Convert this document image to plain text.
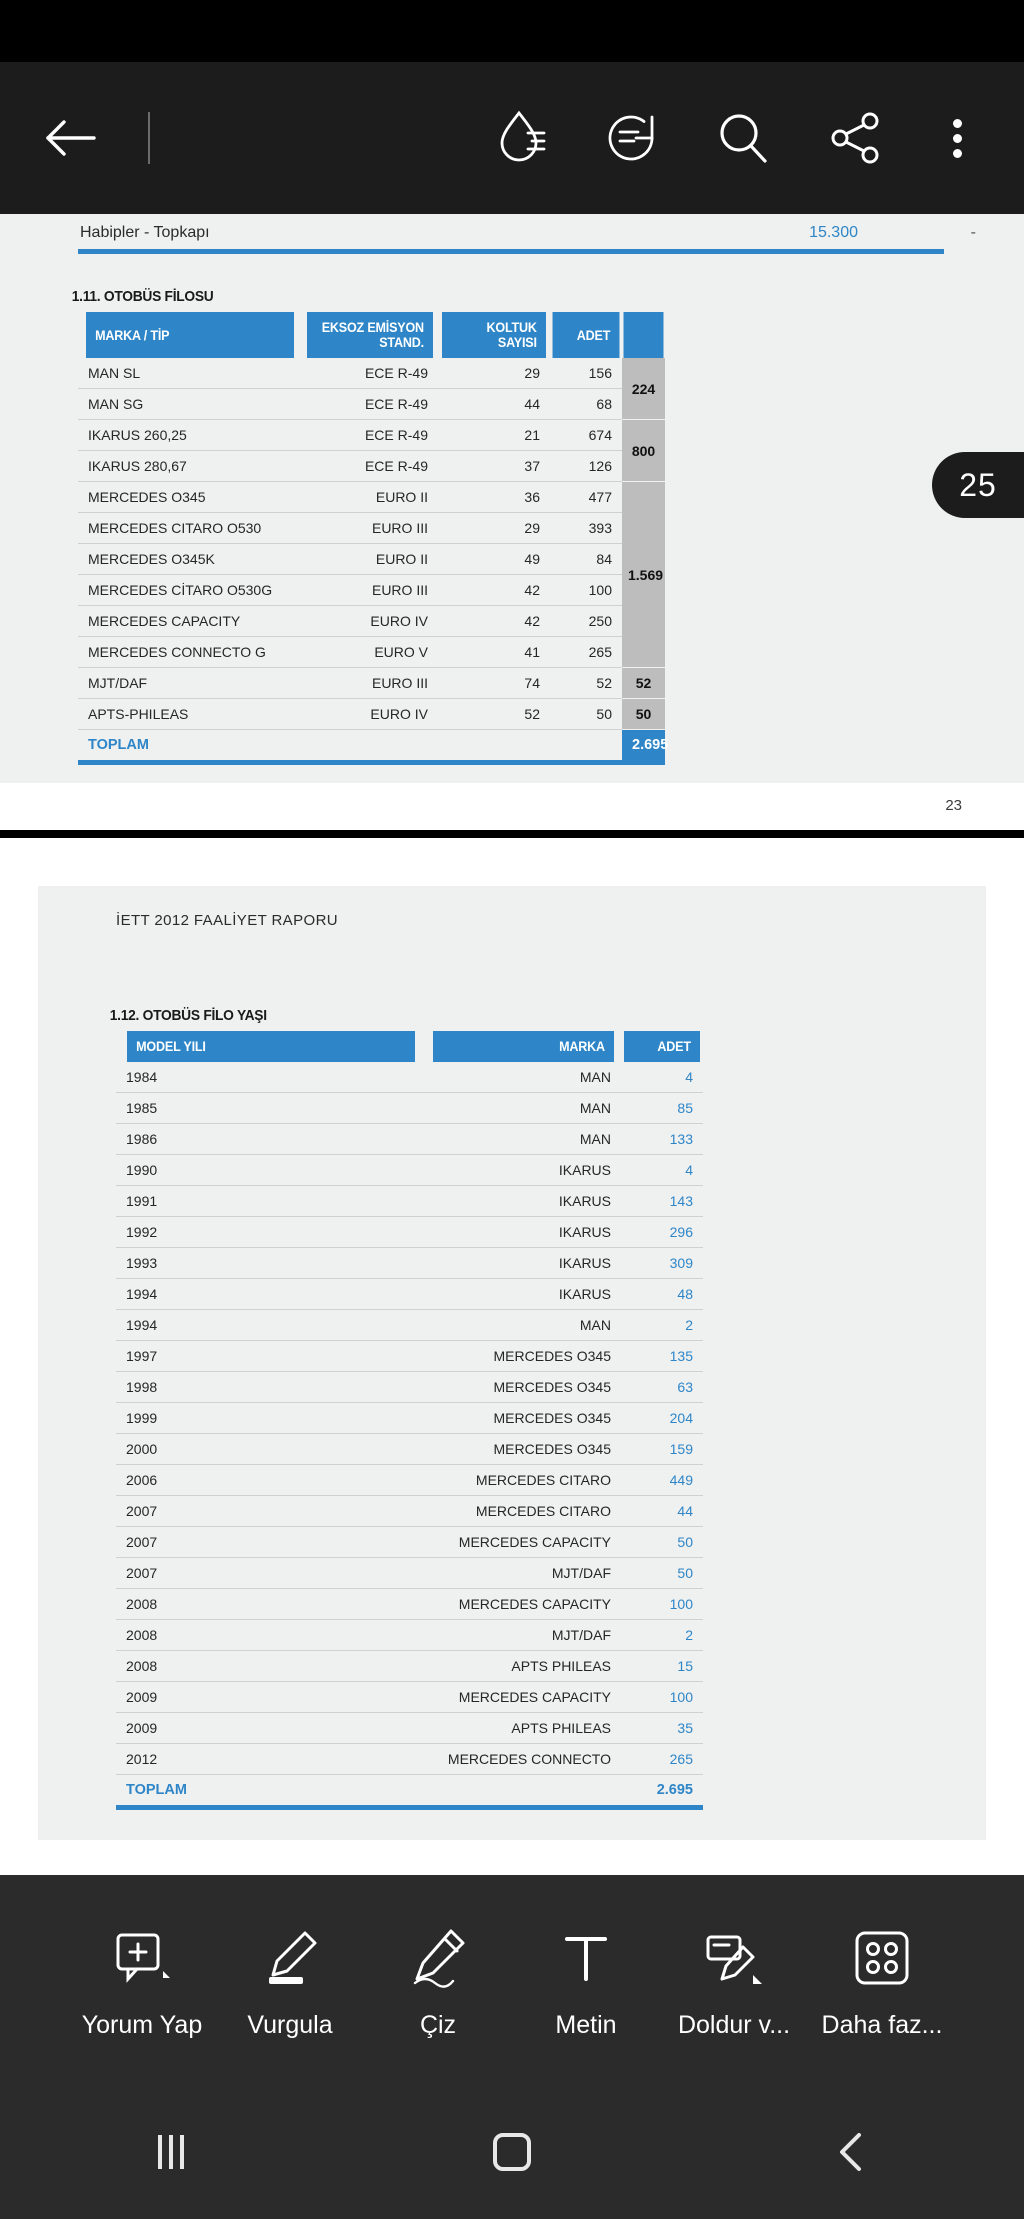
Habipler - Topkapı	15.300	-
1.11. OTOBÜS FİLOSU
MARKA / TİP	EKSOZ EMİSYON STAND.	KOLTUK SAYISI	ADET	
MAN SL	ECE R-49	29	156	224
MAN SG	ECE R-49	44	68	
IKARUS 260,25	ECE R-49	21	674	800
IKARUS 280,67	ECE R-49	37	126	
MERCEDES O345	EURO II	36	477	1.569
MERCEDES CITARO O530	EURO III	29	393	
MERCEDES O345K	EURO II	49	84	
MERCEDES CİTARO O530G	EURO III	42	100	
MERCEDES CAPACITY	EURO IV	42	250	
MERCEDES CONNECTO G	EURO V	41	265	
MJT/DAF	EURO III	74	52	52
APTS-PHILEAS	EURO IV	52	50	50
TOPLAM				2.695
23
İETT 2012 FAALİYET RAPORU
1.12. OTOBÜS FİLO YAŞI
MODEL YILI	MARKA	ADET
1984	MAN	4
1985	MAN	85
1986	MAN	133
1990	IKARUS	4
1991	IKARUS	143
1992	IKARUS	296
1993	IKARUS	309
1994	IKARUS	48
1994	MAN	2
1997	MERCEDES O345	135
1998	MERCEDES O345	63
1999	MERCEDES O345	204
2000	MERCEDES O345	159
2006	MERCEDES CITARO	449
2007	MERCEDES CITARO	44
2007	MERCEDES CAPACITY	50
2007	MJT/DAF	50
2008	MERCEDES CAPACITY	100
2008	MJT/DAF	2
2008	APTS PHILEAS	15
2009	MERCEDES CAPACITY	100
2009	APTS PHILEAS	35
2012	MERCEDES CONNECTO	265
TOPLAM		2.695
25
Yorum Yap Vurgula	Çiz	Metin Doldur v... Daha faz...
